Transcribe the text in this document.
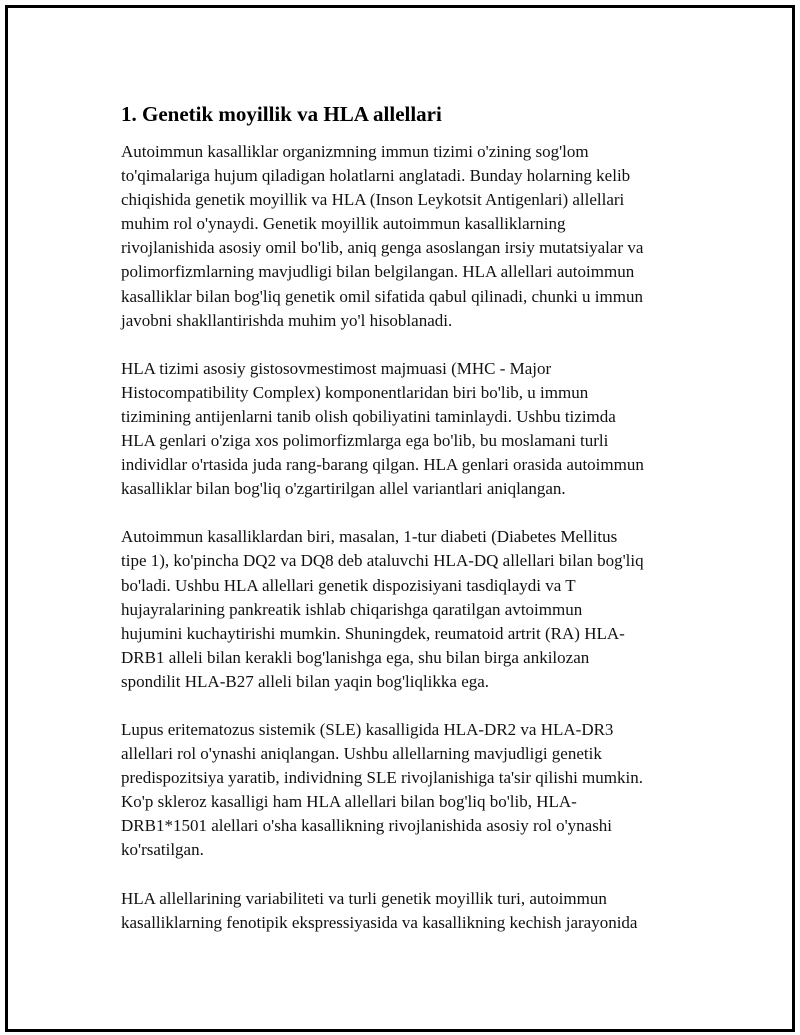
1. Genetik moyillik va HLA allellari

Autoimmun kasalliklar organizmning immun tizimi o'zining sog'lom
to'qimalariga hujum qiladigan holatlarni anglatadi. Bunday holarning kelib
chiqishida genetik moyillik va HLA (Inson Leykotsit Antigenlari) allellari
muhim rol o'ynaydi. Genetik moyillik autoimmun kasalliklarning
rivojlanishida asosiy omil bo'lib, aniq genga asoslangan irsiy mutatsiyalar va
polimorfizmlarning mavjudligi bilan belgilangan. HLA allellari autoimmun
kasalliklar bilan bog'liq genetik omil sifatida qabul qilinadi, chunki u immun
javobni shakllantirishda muhim yo'l hisoblanadi.

HLA tizimi asosiy gistosovmestimost majmuasi (MHC - Major
Histocompatibility Complex) komponentlaridan biri bo'lib, u immun
tizimining antijenlarni tanib olish qobiliyatini taminlaydi. Ushbu tizimda
HLA genlari o'ziga xos polimorfizmlarga ega bo'lib, bu moslamani turli
individlar o'rtasida juda rang-barang qilgan. HLA genlari orasida autoimmun
kasalliklar bilan bog'liq o'zgartirilgan allel variantlari aniqlangan.

Autoimmun kasalliklardan biri, masalan, 1-tur diabeti (Diabetes Mellitus
tipe 1), ko'pincha DQ2 va DQ8 deb ataluvchi HLA-DQ allellari bilan bog'liq
bo'ladi. Ushbu HLA allellari genetik dispozisiyani tasdiqlaydi va T
hujayralarining pankreatik ishlab chiqarishga qaratilgan avtoimmun
hujumini kuchaytirishi mumkin. Shuningdek, reumatoid artrit (RA) HLA-
DRB1 alleli bilan kerakli bog'lanishga ega, shu bilan birga ankilozan
spondilit HLA-B27 alleli bilan yaqin bog'liqlikka ega.

Lupus eritematozus sistemik (SLE) kasalligida HLA-DR2 va HLA-DR3
allellari rol o'ynashi aniqlangan. Ushbu allellarning mavjudligi genetik
predispozitsiya yaratib, individning SLE rivojlanishiga ta'sir qilishi mumkin.
Ko'p skleroz kasalligi ham HLA allellari bilan bog'liq bo'lib, HLA-
DRB1*1501 alellari o'sha kasallikning rivojlanishida asosiy rol o'ynashi
ko'rsatilgan.

HLA allellarining variabiliteti va turli genetik moyillik turi, autoimmun
kasalliklarning fenotipik ekspressiyasida va kasallikning kechish jarayonida
